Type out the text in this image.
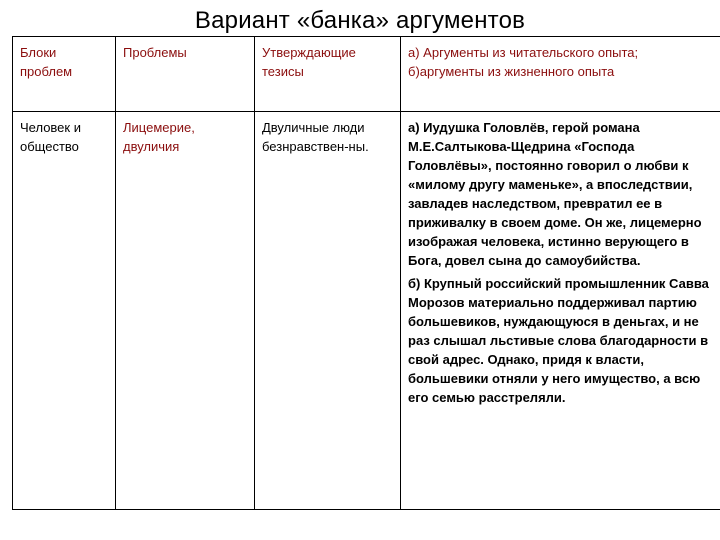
Вариант «банка» аргументов
Блоки проблем	Проблемы	Утверждающие тезисы	а) Аргументы из читательского опыта; б)аргументы из жизненного опыта
Человек и общество	Лицемерие, двуличия	Двуличные люди безнравствен-ны.	а) Иудушка Головлёв, герой романа М.Е.Салтыкова-Щедрина «Господа Головлёвы», постоянно говорил о любви к «милому другу маменьке», а впоследствии, завладев наследством, превратил ее в приживалку в своем доме. Он же, лицемерно изображая человека, истинно верующего в Бога, довел сына до самоубийства.

б) Крупный российский промышленник Савва Морозов материально поддерживал партию большевиков, нуждающуюся в деньгах, и не раз слышал льстивые слова благодарности в свой адрес. Однако, придя к власти, большевики отняли у него имущество, а всю его семью расстреляли.
